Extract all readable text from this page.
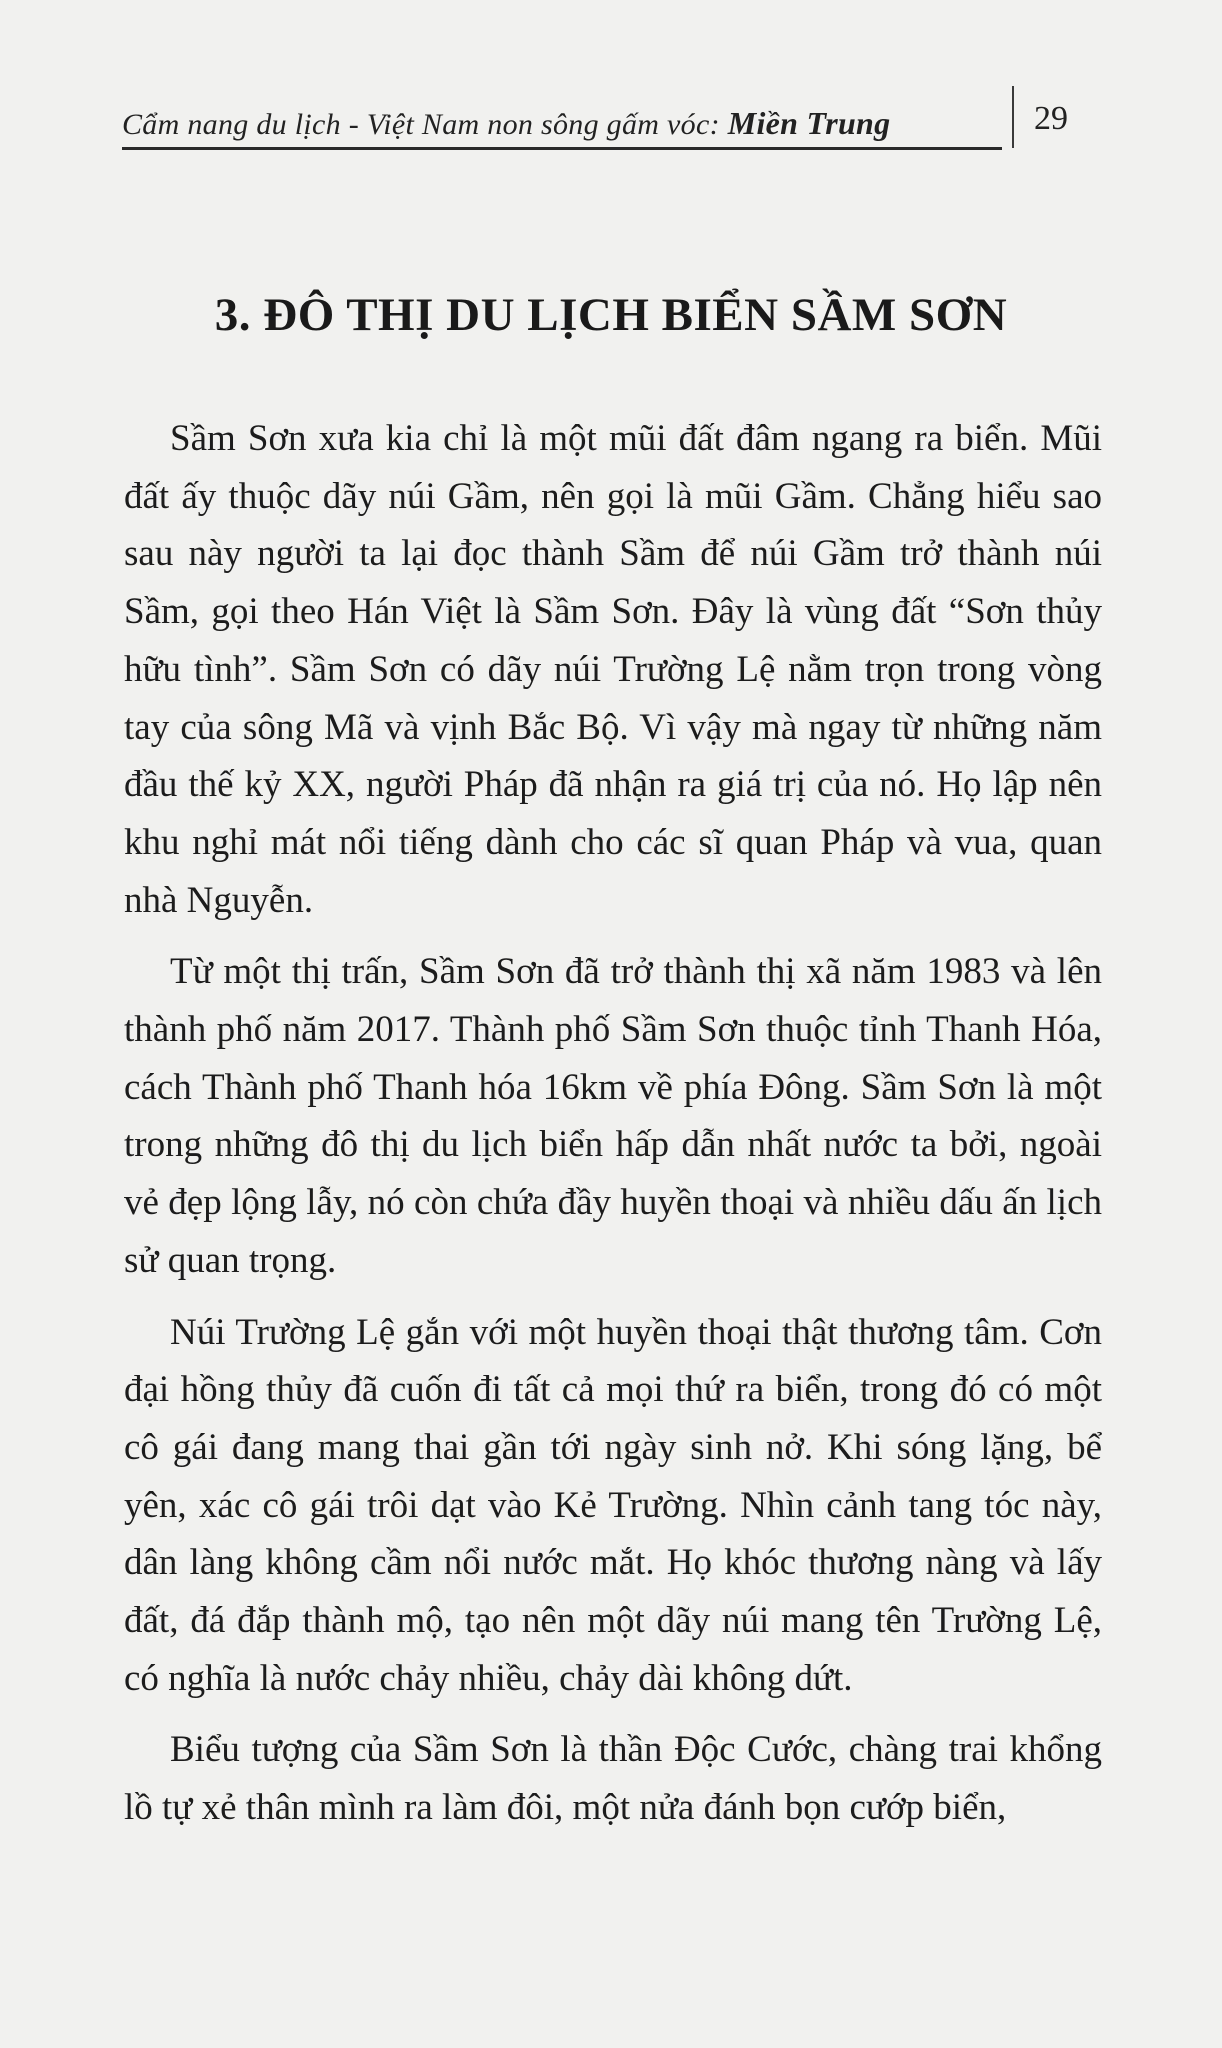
Cẩm nang du lịch - Việt Nam non sông gấm vóc: Miền Trung	29
3. ĐÔ THỊ DU LỊCH BIỂN SẦM SƠN

Sầm Sơn xưa kia chỉ là một mũi đất đâm ngang ra biển. Mũi đất ấy thuộc dãy núi Gầm, nên gọi là mũi Gầm. Chẳng hiểu sao sau này người ta lại đọc thành Sầm để núi Gầm trở thành núi Sầm, gọi theo Hán Việt là Sầm Sơn. Đây là vùng đất “Sơn thủy hữu tình”. Sầm Sơn có dãy núi Trường Lệ nằm trọn trong vòng tay của sông Mã và vịnh Bắc Bộ. Vì vậy mà ngay từ những năm đầu thế kỷ XX, người Pháp đã nhận ra giá trị của nó. Họ lập nên khu nghỉ mát nổi tiếng dành cho các sĩ quan Pháp và vua, quan nhà Nguyễn.

Từ một thị trấn, Sầm Sơn đã trở thành thị xã năm 1983 và lên thành phố năm 2017. Thành phố Sầm Sơn thuộc tỉnh Thanh Hóa, cách Thành phố Thanh hóa 16km về phía Đông. Sầm Sơn là một trong những đô thị du lịch biển hấp dẫn nhất nước ta bởi, ngoài vẻ đẹp lộng lẫy, nó còn chứa đầy huyền thoại và nhiều dấu ấn lịch sử quan trọng.

Núi Trường Lệ gắn với một huyền thoại thật thương tâm. Cơn đại hồng thủy đã cuốn đi tất cả mọi thứ ra biển, trong đó có một cô gái đang mang thai gần tới ngày sinh nở. Khi sóng lặng, bể yên, xác cô gái trôi dạt vào Kẻ Trường. Nhìn cảnh tang tóc này, dân làng không cầm nổi nước mắt. Họ khóc thương nàng và lấy đất, đá đắp thành mộ, tạo nên một dãy núi mang tên Trường Lệ, có nghĩa là nước chảy nhiều, chảy dài không dứt.

Biểu tượng của Sầm Sơn là thần Độc Cước, chàng trai khổng lồ tự xẻ thân mình ra làm đôi, một nửa đánh bọn cướp biển,
